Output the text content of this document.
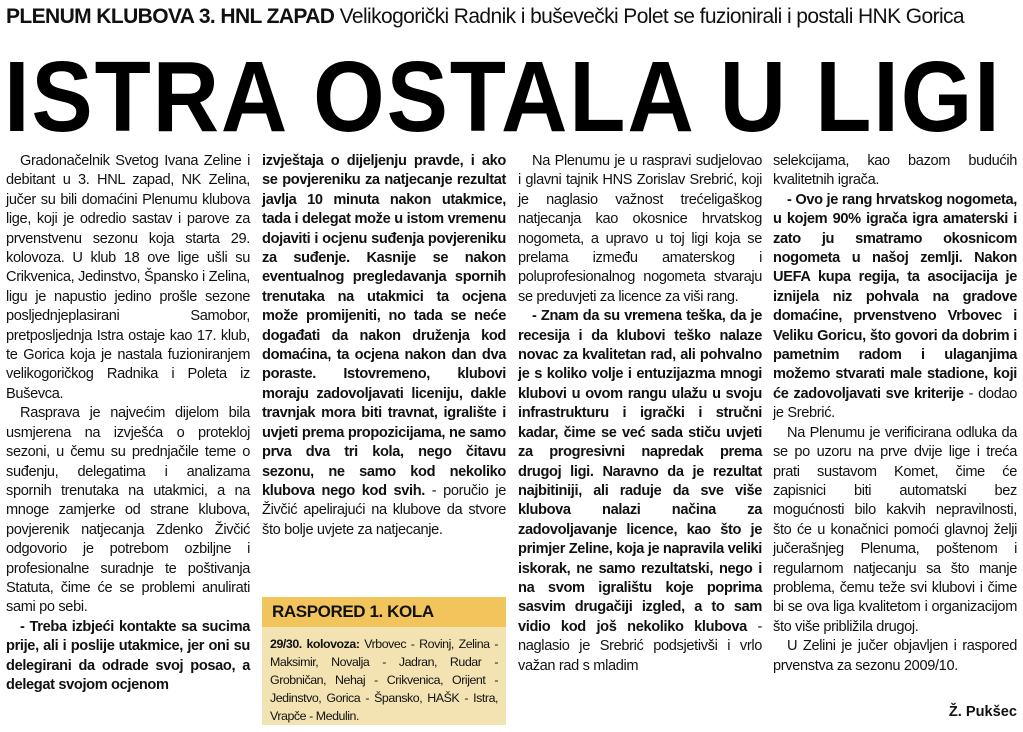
PLENUM KLUBOVA 3. HNL ZAPAD Velikogorički Radnik i buševečki Polet se fuzionirali i postali HNK Gorica
ISTRA OSTALA U LIGI

Gradonačelnik Svetog Ivana Zeline i debitant u 3. HNL zapad, NK Zelina, jučer su bili domaćini Plenumu klubova lige, koji je odredio sastav i parove za prvenstvenu sezonu koja starta 29. kolovoza. U klub 18 ove lige ušli su Crikvenica, Jedinstvo, Špansko i Zelina, ligu je napustio jedino prošle sezone posljednjeplasirani Samobor, pretposljednja Istra ostaje kao 17. klub, te Gorica koja je nastala fuzioniranjem velikogoričkog Radnika i Poleta iz Buševca.

Rasprava je najvećim dijelom bila usmjerena na izvješća o proteklој sezoni, u čemu su prednjačile teme o suđenju, delegatima i analizama spornih trenutaka na utakmici, a na mnoge zamjerke od strane klubova, povjerenik natjecanja Zdenko Živčić odgovorio je potrebom ozbiljne i profesionalne suradnje te poštivanja Statuta, čime će se problemi anulirati sami po sebi.

- Treba izbjeći kontakte sa sucima prije, ali i poslije utakmice, jer oni su delegirani da odrade svoj posao, a delegat svojom ocjenom

izvještaja o dijeljenju pravde, i ako se povjereniku za natjecanje rezultat javlja 10 minuta nakon utakmice, tada i delegat može u istom vremenu dojaviti i ocjenu suđenja povjereniku za suđenje. Kasnije se nakon eventualnog pregledavanja spornih trenutaka na utakmici ta ocjena može promijeniti, no tada se neće događati da nakon druženja kod domaćina, ta ocjena nakon dan dva poraste. Istovremeno, klubovi moraju zadovoljavati liceniju, dakle travnjak mora biti travnat, igralište i uvjeti prema propozicijama, ne samo prva dva tri kola, nego čitavu sezonu, ne samo kod nekoliko klubova nego kod svih. - poručio je Živčić apelirajući na klubove da stvore što bolje uvjete za natjecanje.

RASPORED 1. KOLA
29/30. kolovoza: Vrbovec - Rovinj, Zelina - Maksimir, Novalja - Jadran, Rudar - Grobničan, Nehaj - Crikvenica, Orijent - Jedinstvo, Gorica - Špansko, HAŠK - Istra, Vrapče - Medulin.

Na Plenumu je u raspravi sudjelovao i glavni tajnik HNS Zorislav Srebrić, koji je naglasio važnost trećeligaškog natjecanja kao okosnice hrvatskog nogometa, a upravo u toj ligi koja se prelama između amaterskog i poluprofesionalnog nogometa stvaraju se preduvjeti za licence za viši rang.

- Znam da su vremena teška, da je recesija i da klubovi teško nalaze novac za kvalitetan rad, ali pohvalno je s koliko volje i entuzijazma mnogi klubovi u ovom rangu ulažu u svoju infrastrukturu i igrački i stručni kadar, čime se već sada stiču uvjeti za progresivni napredak prema drugoj ligi. Naravno da je rezultat najbitiniji, ali raduje da sve više klubova nalazi načina za zadovoljavanje licence, kao što je primjer Zeline, koja je napravila veliki iskorak, ne samo rezultatski, nego i na svom igralištu koje poprima sasvim drugačiji izgled, a to sam vidio kod još nekoliko klubova - naglasio je Srebrić podsjetivši i vrlo važan rad s mladim

selekcijama, kao bazom budućih kvalitetnih igrača.

- Ovo je rang hrvatskog nogometa, u kojem 90% igrača igra amaterski i zato ju smatramo okosnicom nogometa u našoj zemlji. Nakon UEFA kupa regija, ta asocijacija je iznijela niz pohvala na gradove domaćine, prvenstveno Vrbovec i Veliku Goricu, što govori da dobrim i pametnim radom i ulaganjima možemo stvarati male stadione, koji će zadovoljavati sve kriterije - dodao je Srebrić.

Na Plenumu je verificirana odluka da se po uzoru na prve dvije lige i treća prati sustavom Komet, čime će zapisnici biti automatski bez mogućnosti bilo kakvih nepravilnosti, što će u konačnici pomoći glavnoj želji jučerašnjeg Plenuma, poštenom i regularnom natjecanju sa što manje problema, čemu teže svi klubovi i čime bi se ova liga kvalitetom i organizacijom što više približila drugoj.

U Zelini je jučer objavljen i raspored prvenstva za sezonu 2009/10.

Ž. Pukšec
